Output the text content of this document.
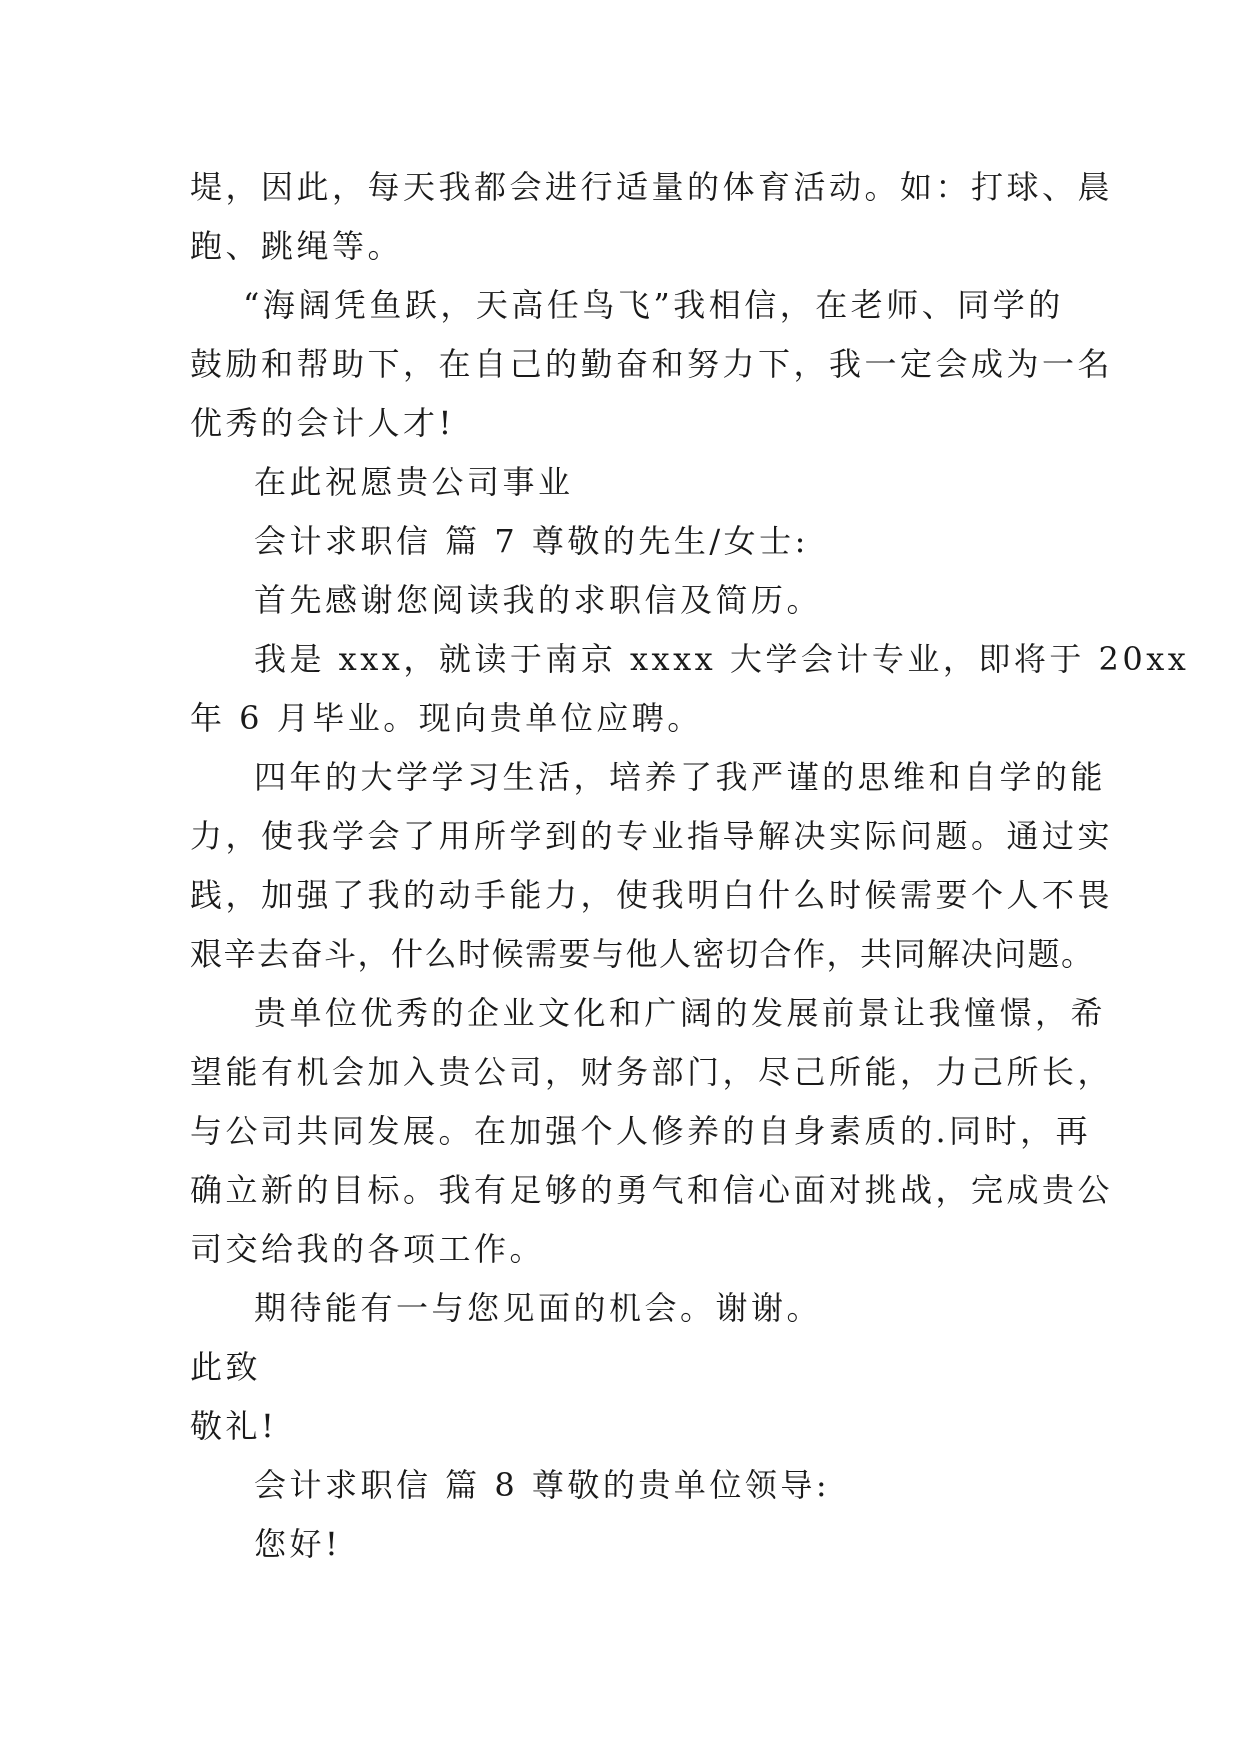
堤，因此，每天我都会进行适量的体育活动。如：打球、晨
跑、跳绳等。
“海阔凭鱼跃，天高任鸟飞”我相信，在老师、同学的
鼓励和帮助下，在自己的勤奋和努力下，我一定会成为一名
优秀的会计人才!
在此祝愿贵公司事业
会计求职信 篇 7 尊敬的先生/女士:
首先感谢您阅读我的求职信及简历。
我是 xxx，就读于南京 xxxx 大学会计专业，即将于 20xx
年 6 月毕业。现向贵单位应聘。
四年的大学学习生活，培养了我严谨的思维和自学的能
力，使我学会了用所学到的专业指导解决实际问题。通过实
践，加强了我的动手能力，使我明白什么时候需要个人不畏
艰辛去奋斗，什么时候需要与他人密切合作，共同解决问题。
贵单位优秀的企业文化和广阔的发展前景让我憧憬，希
望能有机会加入贵公司，财务部门，尽己所能，力己所长，
与公司共同发展。在加强个人修养的自身素质的.同时，再
确立新的目标。我有足够的勇气和信心面对挑战，完成贵公
司交给我的各项工作。
期待能有一与您见面的机会。谢谢。
此致
敬礼!
会计求职信 篇 8 尊敬的贵单位领导:
您好!
